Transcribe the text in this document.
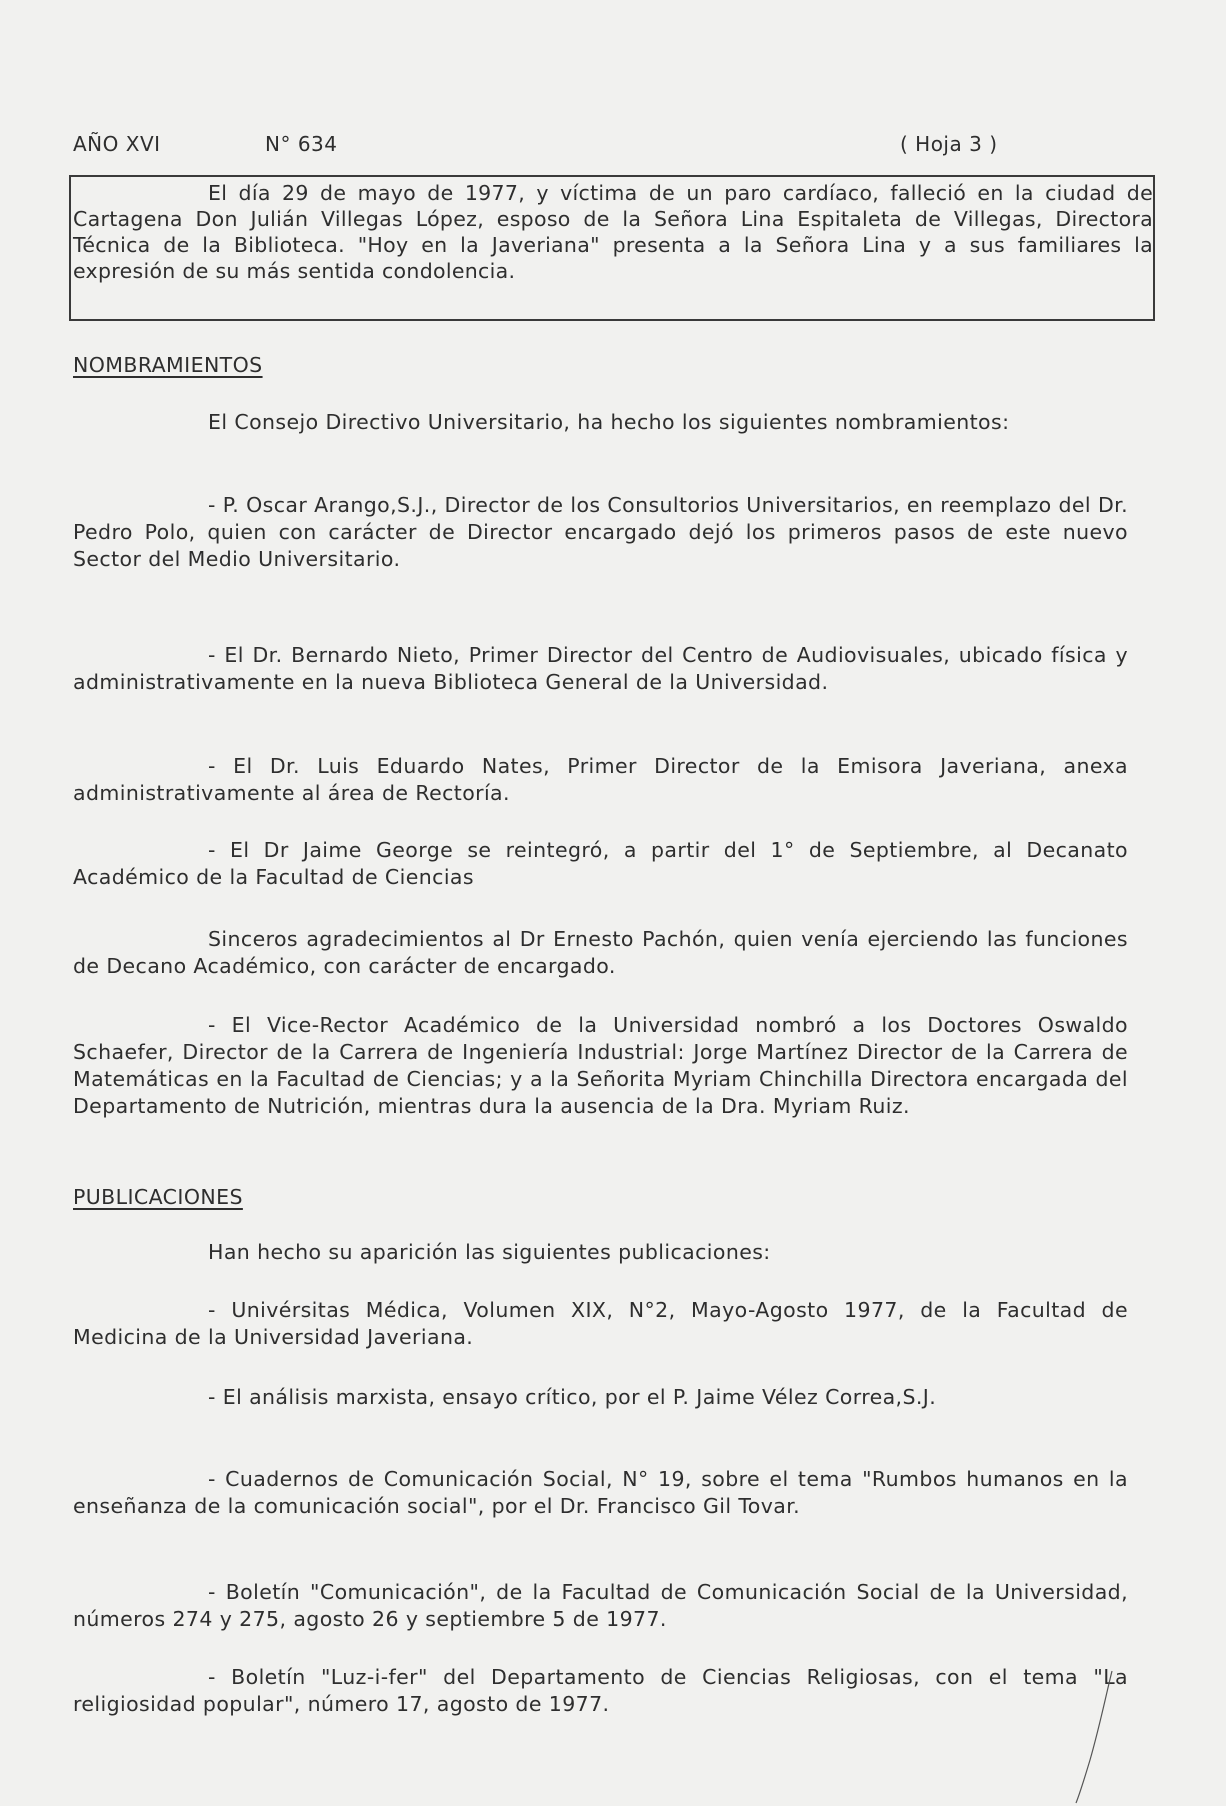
AÑO XVI	N° 634	( Hoja 3 )

El día 29 de mayo de 1977, y víctima de un paro cardíaco, falleció en la ciudad de Cartagena Don Julián Villegas López, esposo de la Señora Lina Espitaleta de Villegas, Directora Técnica de la Biblioteca. "Hoy en la Javeriana" presenta a la Señora Lina y a sus familiares la expresión de su más sentida condolencia.

NOMBRAMIENTOS

El Consejo Directivo Universitario, ha hecho los siguientes nombramientos:

- P. Oscar Arango,S.J., Director de los Consultorios Universitarios, en reemplazo del Dr. Pedro Polo, quien con carácter de Director encargado dejó los primeros pasos de este nuevo Sector del Medio Universitario.

- El Dr. Bernardo Nieto, Primer Director del Centro de Audiovisuales, ubicado física y administrativamente en la nueva Biblioteca General de la Universidad.

- El Dr. Luis Eduardo Nates, Primer Director de la Emisora Javeriana, anexa administrativamente al área de Rectoría.

- El Dr Jaime George se reintegró, a partir del 1° de Septiembre, al Decanato Académico de la Facultad de Ciencias

Sinceros agradecimientos al Dr Ernesto Pachón, quien venía ejerciendo las funciones de Decano Académico, con carácter de encargado.

- El Vice-Rector Académico de la Universidad nombró a los Doctores Oswaldo Schaefer, Director de la Carrera de Ingeniería Industrial: Jorge Martínez Director de la Carrera de Matemáticas en la Facultad de Ciencias; y a la Señorita Myriam Chinchilla Directora encargada del Departamento de Nutrición, mientras dura la ausencia de la Dra. Myriam Ruiz.

PUBLICACIONES

Han hecho su aparición las siguientes publicaciones:

- Univérsitas Médica, Volumen XIX, N°2, Mayo-Agosto 1977, de la Facultad de Medicina de la Universidad Javeriana.

- El análisis marxista, ensayo crítico, por el P. Jaime Vélez Correa,S.J.

- Cuadernos de Comunicación Social, N° 19, sobre el tema "Rumbos humanos en la enseñanza de la comunicación social", por el Dr. Francisco Gil Tovar.

- Boletín "Comunicación", de la Facultad de Comunicación Social de la Universidad, números 274 y 275, agosto 26 y septiembre 5 de 1977.

- Boletín "Luz-i-fer" del Departamento de Ciencias Religiosas, con el tema "La religiosidad popular", número 17, agosto de 1977.
